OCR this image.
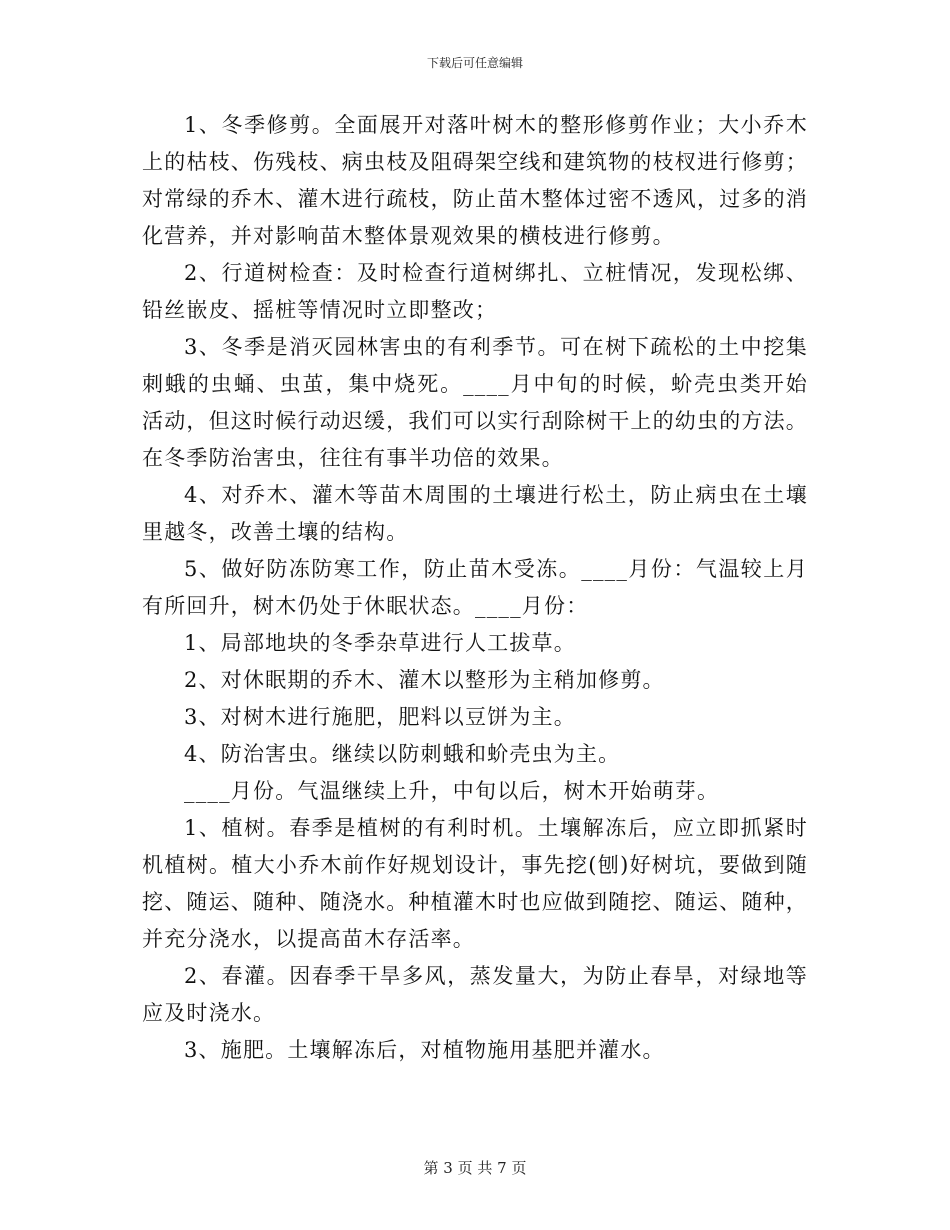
下载后可任意编辑

1、冬季修剪。全面展开对落叶树木的整形修剪作业；大小乔木上的枯枝、伤残枝、病虫枝及阻碍架空线和建筑物的枝杈进行修剪；对常绿的乔木、灌木进行疏枝，防止苗木整体过密不透风，过多的消化营养，并对影响苗木整体景观效果的横枝进行修剪。

2、行道树检查：及时检查行道树绑扎、立桩情况，发现松绑、铅丝嵌皮、摇桩等情况时立即整改；

3、冬季是消灭园林害虫的有利季节。可在树下疏松的土中挖集刺蛾的虫蛹、虫茧，集中烧死。____月中旬的时候，蚧壳虫类开始活动，但这时候行动迟缓，我们可以实行刮除树干上的幼虫的方法。在冬季防治害虫，往往有事半功倍的效果。

4、对乔木、灌木等苗木周围的土壤进行松土，防止病虫在土壤里越冬，改善土壤的结构。

5、做好防冻防寒工作，防止苗木受冻。____月份：气温较上月有所回升，树木仍处于休眠状态。____月份：

1、局部地块的冬季杂草进行人工拔草。

2、对休眠期的乔木、灌木以整形为主稍加修剪。

3、对树木进行施肥，肥料以豆饼为主。

4、防治害虫。继续以防刺蛾和蚧壳虫为主。

____月份。气温继续上升，中旬以后，树木开始萌芽。

1、植树。春季是植树的有利时机。土壤解冻后，应立即抓紧时机植树。植大小乔木前作好规划设计，事先挖(刨)好树坑，要做到随挖、随运、随种、随浇水。种植灌木时也应做到随挖、随运、随种，并充分浇水，以提高苗木存活率。

2、春灌。因春季干旱多风，蒸发量大，为防止春旱，对绿地等应及时浇水。

3、施肥。土壤解冻后，对植物施用基肥并灌水。

第 3 页 共 7 页
